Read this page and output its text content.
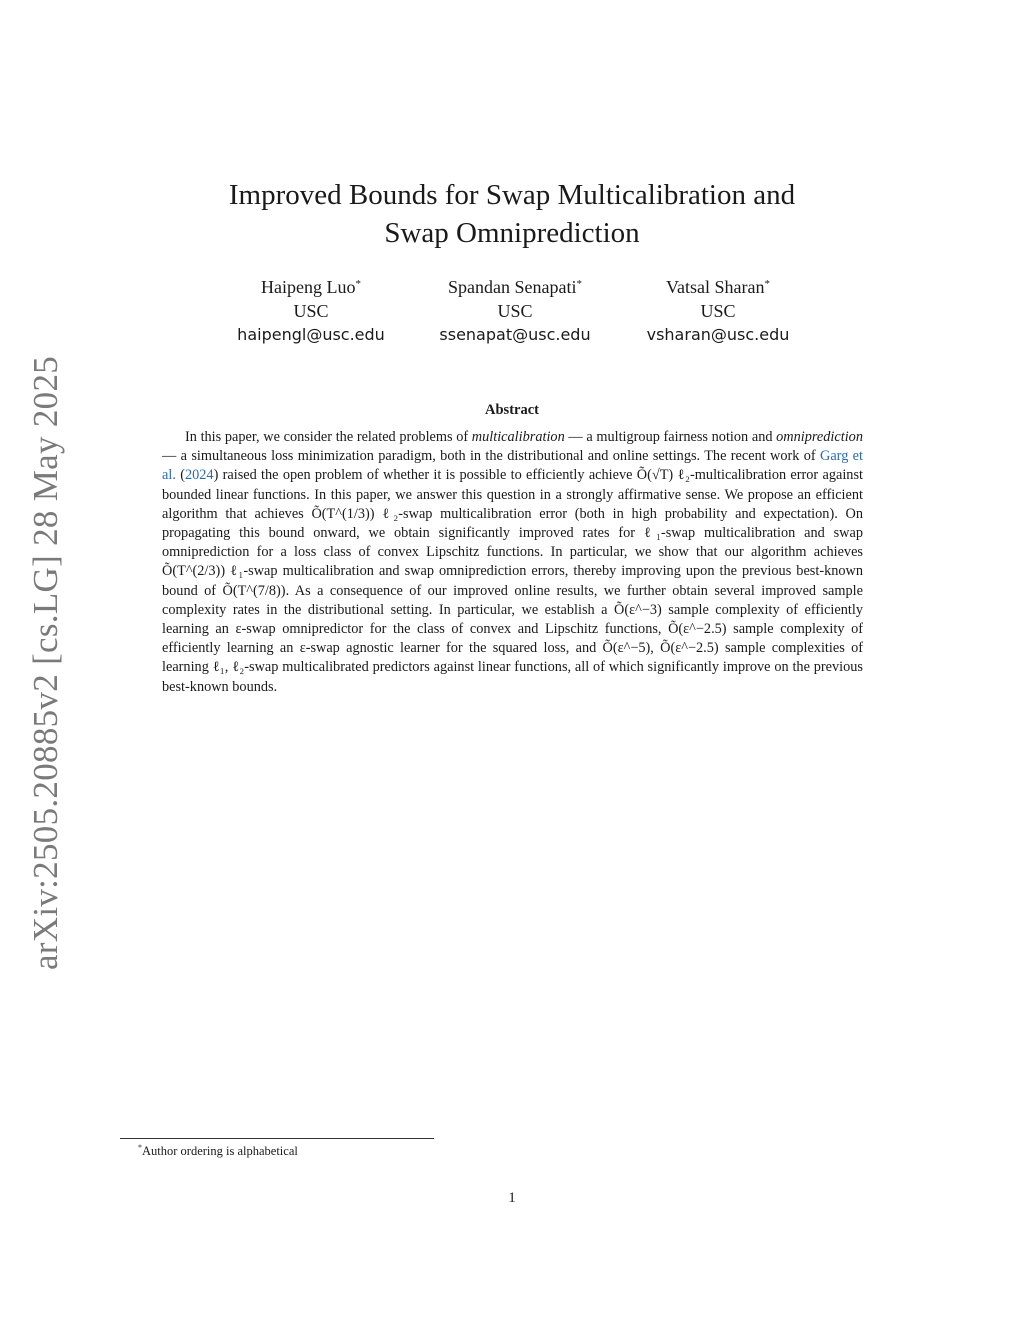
arXiv:2505.20885v2 [cs.LG] 28 May 2025
Improved Bounds for Swap Multicalibration and
Swap Omniprediction
Haipeng Luo*
USC
haipengl@usc.edu
Spandan Senapati*
USC
ssenapat@usc.edu
Vatsal Sharan*
USC
vsharan@usc.edu
Abstract

In this paper, we consider the related problems of multicalibration — a multigroup fairness notion and omniprediction — a simultaneous loss minimization paradigm, both in the distributional and online settings. The recent work of Garg et al. (2024) raised the open problem of whether it is possible to efficiently achieve Õ(√T) ℓ₂-multicalibration error against bounded linear functions. In this paper, we answer this question in a strongly affirmative sense. We propose an efficient algorithm that achieves Õ(T^(1/3)) ℓ₂-swap multicalibration error (both in high probability and expectation). On propagating this bound onward, we obtain significantly improved rates for ℓ₁-swap multicalibration and swap omniprediction for a loss class of convex Lipschitz functions. In particular, we show that our algorithm achieves Õ(T^(2/3)) ℓ₁-swap multicalibration and swap omniprediction errors, thereby improving upon the previous best-known bound of Õ(T^(7/8)). As a consequence of our improved online results, we further obtain several improved sample complexity rates in the distributional setting. In particular, we establish a Õ(ε^−3) sample complexity of efficiently learning an ε-swap omnipredictor for the class of convex and Lipschitz functions, Õ(ε^−2.5) sample complexity of efficiently learning an ε-swap agnostic learner for the squared loss, and Õ(ε^−5), Õ(ε^−2.5) sample complexities of learning ℓ₁, ℓ₂-swap multicalibrated predictors against linear functions, all of which significantly improve on the previous best-known bounds.

*Author ordering is alphabetical
1
